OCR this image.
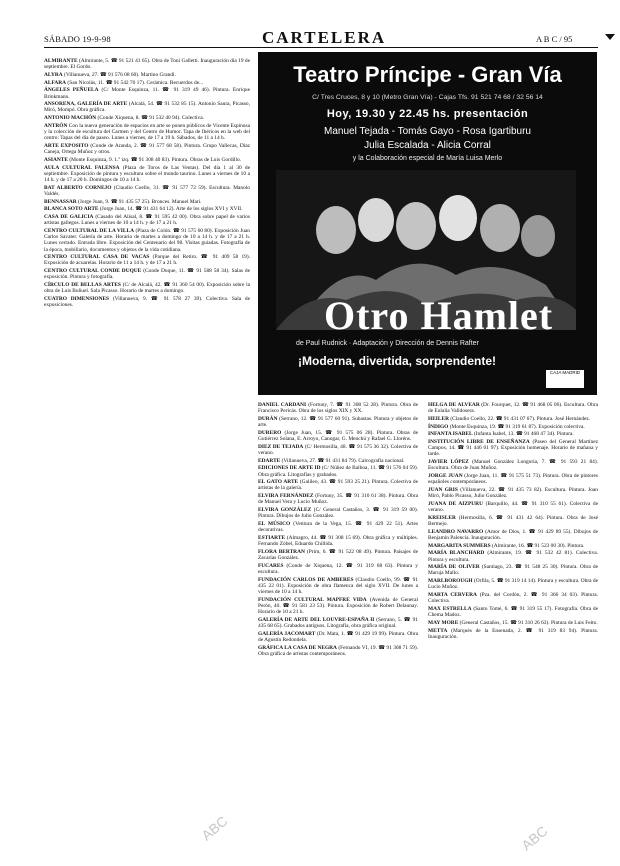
SÁBADO 19-9-98	CARTELERA	A B C / 95

ALMIRANTE (Almirante, 5. ☎ 91 521 41 65). Obra de Toni Galletti. Inauguración día 19 de septiembre. El Gordo.

ALYRA (Villanueva, 27. ☎ 91 576 08 60). Martino Grandi.

ALFARA (San Nicolás, 11. ☎ 91 542 70 17). Cerámica. Recuerdos de...

ÁNGELES PEÑUELA (C/ Monte Esquinza, 11. ☎ 91 319 49 46). Pintura. Enrique Brinkmann.

ANSORENA, GALERÍA DE ARTE (Alcalá, 54. ☎ 91 532 85 15). Antonio Saura, Picasso, Miró, Mompó. Obra gráfica.

ANTONIO MACHÓN (Conde Xiquena, 8. ☎ 91 532 40 94). Colectiva.

ANTRÓN Con la nueva generación de espacios en arte se ponen públicos de Vicente Espinosa y la colección de escultura del Carmen y del Centro de Humor. Tapa de Ibéricos en la web del centro: Tapas del día de paseo. Lunes a viernes, de 17 a 19 h. Sábados, de 11 a 14 h.

ARTE EXPOSITO (Conde de Aranda, 2. ☎ 91 577 68 58). Pintura. Grupo Vallecas, Díaz Caneja, Ortega Muñoz y otros.

ASIANTE (Monte Esquinza, 9. 1.º izq. ☎ 91 308 40 83). Pintura. Obras de Luis Gordillo.

AULA CULTURAL FALENSA (Plaza de Toros de Las Ventas). Del día 1 al 30 de septiembre. Exposición de pintura y escultura sobre el mundo taurino. Lunes a viernes de 10 a 14 h. y de 17 a 20 h. Domingos de 10 a 14 h.

BAT ALBERTO CORNEJO (Claudio Coello, 31. ☎ 91 577 72 59). Escultura. Manolo Valdés.

BENNASSAR (Jorge Juan, 9. ☎ 91 435 57 25). Bronces. Manuel Mari.

BLANCA SOTO ARTE (Jorge Juan, 14. ☎ 91 431 64 12). Arte de los siglos XVI y XVII.

CASA DE GALICIA (Casado del Alisal, 8. ☎ 91 595 42 00). Obra sobre papel de varios artistas gallegos. Lunes a viernes de 10 a 14 h. y de 17 a 21 h.

CENTRO CULTURAL DE LA VILLA (Plaza de Colón. ☎ 91 575 60 80). Exposición Juan Carlos Savater. Galería de arte. Horario de martes a domingo de 10 a 14 h. y de 17 a 21 h. Lunes cerrado. Entrada libre. Exposición del Centenario del 98. Visitas guiadas. Fotografía de la época, mobiliario, documentos y objetos de la vida cotidiana.

CENTRO CULTURAL CASA DE VACAS (Parque del Retiro. ☎ 91 409 58 19). Exposición de acuarelas. Horario de 11 a 14 h. y de 17 a 21 h.

CENTRO CULTURAL CONDE DUQUE (Conde Duque, 11. ☎ 91 588 58 34). Salas de exposición. Pintura y fotografía.

CÍRCULO DE BELLAS ARTES (C/ de Alcalá, 42. ☎ 91 360 54 00). Exposición sobre la obra de Luis Buñuel. Sala Picasso. Horario de martes a domingo.

CUATRO DIMENSIONES (Villanueva, 9. ☎ 91 578 27 39). Colectiva. Sala de exposiciones.

DANIEL CARDANI (Fortuny, 7. ☎ 91 308 52 28). Pintura. Obra de Francisco Pericás. Obra de los siglos XIX y XX.

DURÁN (Serrano, 12. ☎ 91 577 60 91). Subastas. Pintura y objetos de arte.

DURERO (Jorge Juan, 15. ☎ 91 575 06 28). Pintura. Obras de Gutiérrez Solana, E. Arroyo, Canogar, G. Menchú y Rafael G. Lloréns.

DIEZ DE TEJADA (C/ Hermosilla, 48. ☎ 91 575 36 32). Colectiva de verano.

EDARTE (Villanueva, 27. ☎ 91 431 84 79). Calcografía nacional.

EDICIONES DE ARTE ID (C/ Núñez de Balboa, 11. ☎ 91 576 04 59). Obra gráfica. Litografías y grabados.

EL GATO ARTE (Galileo, 43. ☎ 91 593 25 21). Pintura. Colectiva de artistas de la galería.

ELVIRA FERNÁNDEZ (Fortuny, 35. ☎ 91 310 61 38). Pintura. Obra de Manuel Vera y Lucio Muñoz.

ELVIRA GONZÁLEZ (C/ General Castaños, 3. ☎ 91 319 59 00). Pintura. Dibujos de Julio González.

EL MÚSICO (Ventura de la Vega, 15. ☎ 91 429 22 51). Artes decorativas.

ESTIARTE (Almagro, 44. ☎ 91 308 15 69). Obra gráfica y múltiples. Fernando Zóbel, Eduardo Chillida.

FLORA BERTRAN (Prim, 6. ☎ 91 522 08 49). Pintura. Paisajes de Zacarías González.

FUCARES (Conde de Xiquena, 12. ☎ 91 319 08 63). Pintura y escultura.

FUNDACIÓN CARLOS DE AMBERES (Claudio Coello, 99. ☎ 91 435 22 01). Exposición de obra flamenca del siglo XVII. De lunes a viernes de 10 a 14 h.

FUNDACIÓN CULTURAL MAPFRE VIDA (Avenida de General Perón, 40. ☎ 91 581 23 53). Pintura. Exposición de Robert Delaunay. Horario de 10 a 21 h.

GALERÍA DE ARTE DEL LOUVRE-ESPAÑA II (Serrano, 5. ☎ 91 435 68 65). Grabados antiguos. Litografía, obra gráfica original.

GALERÍA JACOMART (Dr. Mata, 1. ☎ 91 429 19 99). Pintura. Obra de Agustín Redondela.

GRÁFICA LA CASA DE NEGRA (Fernando VI, 19. ☎ 91 308 71 59). Obra gráfica de artistas contemporáneos.

HELGA DE ALVEAR (Dr. Fourquet, 12. ☎ 91 468 05 06). Escultura. Obra de Eulalia Valldosera.

HEILER (Claudio Coello, 22. ☎ 91 431 07 67). Pintura. José Hernández.

ÍNDIGO (Monte Esquinza, 19. ☎ 91 319 61 87). Exposición colectiva.

INFANTA ISABEL (Infanta Isabel, 13. ☎ 91 468 47 34). Pintura.

INSTITUCIÓN LIBRE DE ENSEÑANZA (Paseo del General Martínez Campos, 14. ☎ 91 446 01 97). Exposición homenaje. Horario de mañana y tarde.

JAVIER LÓPEZ (Manuel González Longoria, 7. ☎ 91 593 21 84). Escultura. Obra de Juan Muñoz.

JORGE JUAN (Jorge Juan, 11. ☎ 91 575 51 73). Pintura. Obra de pintores españoles contemporáneos.

JUAN GRIS (Villanueva, 22. ☎ 91 435 73 82). Escultura. Pintura. Joan Miró, Pablo Picasso, Julio González.

JUANA DE AIZPURU (Barquillo, 44. ☎ 91 310 55 61). Colectiva de verano.

KREISLER (Hermosilla, 6. ☎ 91 431 42 64). Pintura. Obra de José Bermejo.

LEANDRO NAVARRO (Amor de Dios, 1. ☎ 91 429 89 55). Dibujos de Benjamín Palencia. Inauguración.

MARGARITA SUMMERS (Almirante, 16. ☎ 91 523 00 30). Pintura.

MARÍA BLANCHARD (Almirante, 19. ☎ 91 532 42 81). Colectiva. Pintura y escultura.

MARÍA DE OLIVER (Santiago, 23. ☎ 91 548 25 30). Pintura. Obra de Maruja Mallo.

MARLBOROUGH (Orfila, 5. ☎ 91 319 14 14). Pintura y escultura. Obra de Lucio Muñoz.

MARTA CERVERA (Pza. del Cordón, 2. ☎ 91 366 34 03). Pintura. Colectiva.

MAX ESTRELLA (Santo Tomé, 6. ☎ 91 319 55 17). Fotografía. Obra de Chema Madoz.

MAY MORE (General Castaños, 15. ☎ 91 310 26 63). Pintura de Luis Feito.

METTA (Marqués de la Ensenada, 2. ☎ 91 319 83 94). Pintura. Inauguración.

Teatro Príncipe - Gran Vía
C/ Tres Cruces, 8 y 10 (Metro Gran Vía) - Cajas Tfs. 91 521 74 68 / 32 56 14
Hoy, 19.30 y 22.45 hs. presentación
Manuel Tejada - Tomás Gayo - Rosa Igartiburu
Julia Escalada - Alicia Corral
y la Colaboración especial de María Luisa Merlo
Otro Hamlet
de Paul Rudnick · Adaptación y Dirección de Dennis Rafter
¡Moderna, divertida, sorprendente!
CAJA MADRID
ABC	ABC
